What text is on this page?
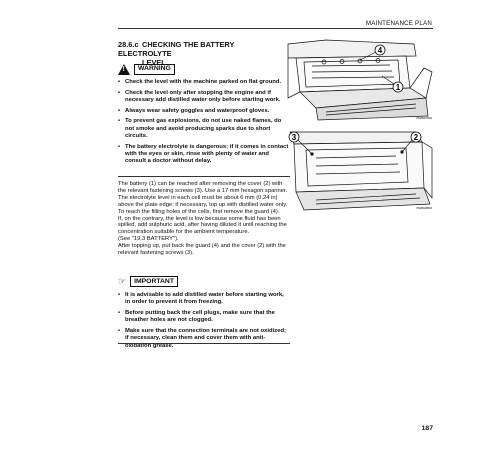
MAINTENANCE PLAN
28.6.c CHECKING THE BATTERY ELECTROLYTE
LEVEL
!	WARNING
• Check the level with the machine parked on flat ground.
• Check the level only after stopping the engine and if necessary add distilled water only before starting work.
• Always wear safety goggles and waterproof gloves.
• To prevent gas explosions, do not use naked flames, do not smoke and avoid producing sparks due to short circuits.
• The battery electrolyte is dangerous; if it comes in contact with the eyes or skin, rinse with plenty of water and consult a doctor without delay.

The battery (1) can be reached after removing the cover (2) with the relevant fastening screws (3). Use a 17 mm hexagon spanner.

The electrolyte level in each cell must be about 6 mm (0.24 in) above the plate edge; if necessary, top up with distilled water only.

To reach the filling holes of the cells, first remove the guard (4).

If, on the contrary, the level is low because some fluid has been spilled, add sulphuric acid, after having diluted it until reaching the concentration suitable for the ambient temperature.

(See "19.3 BATTERY").

After topping up, put back the guard (4) and the cover (2) with the relevant fastening screws (3).

☞	IMPORTANT
• It is advisable to add distilled water before starting work, in order to prevent it from freezing.
• Before putting back the cell plugs, make sure that the breather holes are not clogged.
• Make sure that the connection terminals are not oxidized; if necessary, clean them and cover them with anti-oxidation grease.
4
1
VS29027D0
3	2
VS29028D0
187
